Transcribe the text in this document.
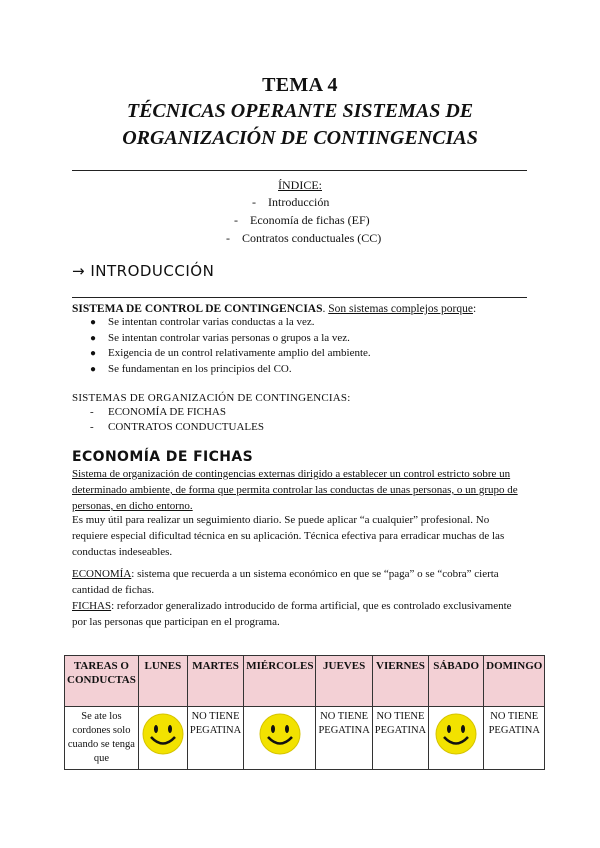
TEMA 4
TÉCNICAS OPERANTE SISTEMAS DE
ORGANIZACIÓN DE CONTINGENCIAS
ÍNDICE:
- Introducción
- Economía de fichas (EF)
- Contratos conductuales (CC)
→ INTRODUCCIÓN
SISTEMA DE CONTROL DE CONTINGENCIAS. Son sistemas complejos porque:
● Se intentan controlar varias conductas a la vez.
● Se intentan controlar varias personas o grupos a la vez.
● Exigencia de un control relativamente amplio del ambiente.
● Se fundamentan en los principios del CO.
SISTEMAS DE ORGANIZACIÓN DE CONTINGENCIAS:
- ECONOMÍA DE FICHAS
- CONTRATOS CONDUCTUALES
ECONOMÍA DE FICHAS
Sistema de organización de contingencias externas dirigido a establecer un control estricto sobre un determinado ambiente, de forma que permita controlar las conductas de unas personas, o un grupo de personas, en dicho entorno.
Es muy útil para realizar un seguimiento diario. Se puede aplicar “a cualquier” profesional. No requiere especial dificultad técnica en su aplicación. Técnica efectiva para erradicar muchas de las conductas indeseables.
ECONOMÍA: sistema que recuerda a un sistema económico en que se “paga” o se “cobra” cierta cantidad de fichas.
FICHAS: reforzador generalizado introducido de forma artificial, que es controlado exclusivamente por las personas que participan en el programa.
TAREAS O CONDUCTAS	LUNES	MARTES	MIÉRCOLES	JUEVES	VIERNES	SÁBADO	DOMINGO
Se ate los cordones solo cuando se tenga que		NO TIENE PEGATINA		NO TIENE PEGATINA	NO TIENE PEGATINA		NO TIENE PEGATINA
